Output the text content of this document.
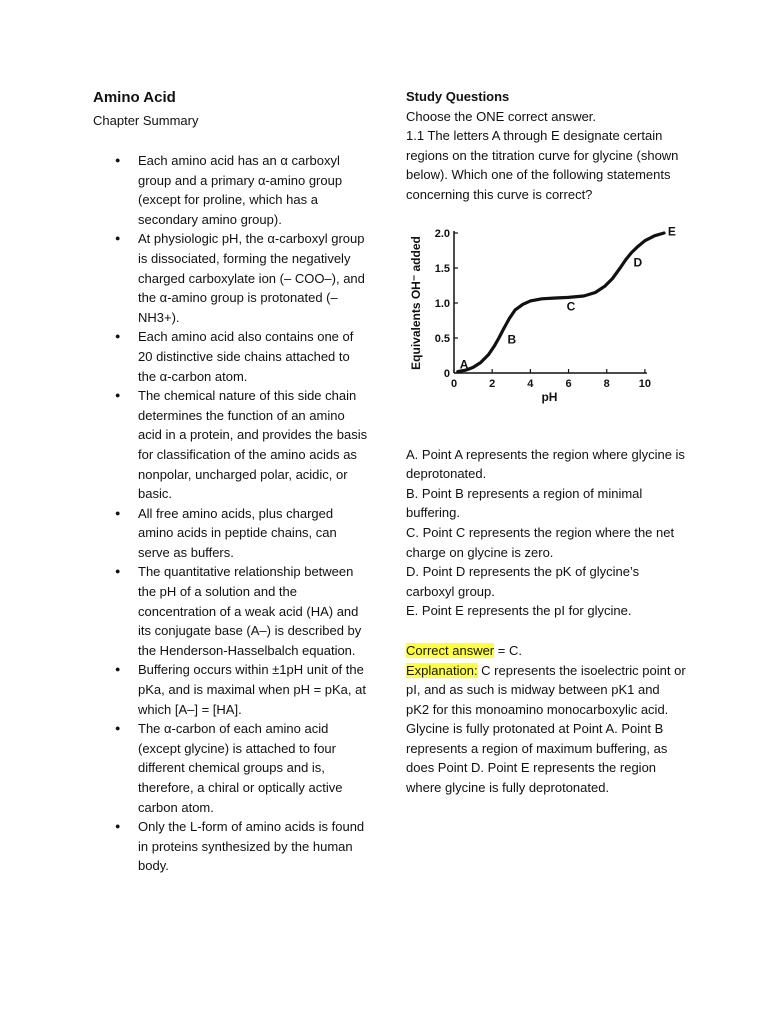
Amino Acid

Chapter Summary

● Each amino acid has an α carboxyl group and a primary α-amino group (except for proline, which has a secondary amino group).
● At physiologic pH, the α-carboxyl group is dissociated, forming the negatively charged carboxylate ion (– COO–), and the α-amino group is protonated (– NH3+).
● Each amino acid also contains one of 20 distinctive side chains attached to the α-carbon atom.
● The chemical nature of this side chain determines the function of an amino acid in a protein, and provides the basis for classification of the amino acids as nonpolar, uncharged polar, acidic, or basic.
● All free amino acids, plus charged amino acids in peptide chains, can serve as buffers.
● The quantitative relationship between the pH of a solution and the concentration of a weak acid (HA) and its conjugate base (A–) is described by the Henderson-Hasselbalch equation.
● Buffering occurs within ±1pH unit of the pKa, and is maximal when pH = pKa, at which [A–] = [HA].
● The α-carbon of each amino acid (except glycine) is attached to four different chemical groups and is, therefore, a chiral or optically active carbon atom.
● Only the L-form of amino acids is found in proteins synthesized by the human body.

Study Questions

Choose the ONE correct answer.

1.1 The letters A through E designate certain regions on the titration curve for glycine (shown below). Which one of the following statements concerning this curve is correct?

0
0.5
1.0
1.5
2.0
0	2	4	6	8	10
pH
Equivalents OH⁻ added	A
B
C
D
E

A. Point A represents the region where glycine is deprotonated.

B. Point B represents a region of minimal buffering.

C. Point C represents the region where the net charge on glycine is zero.

D. Point D represents the pK of glycine’s carboxyl group.

E. Point E represents the pI for glycine.

Correct answer = C.

Explanation: C represents the isoelectric point or pI, and as such is midway between pK1 and pK2 for this monoamino monocarboxylic acid. Glycine is fully protonated at Point A. Point B represents a region of maximum buffering, as does Point D. Point E represents the region where glycine is fully deprotonated.
